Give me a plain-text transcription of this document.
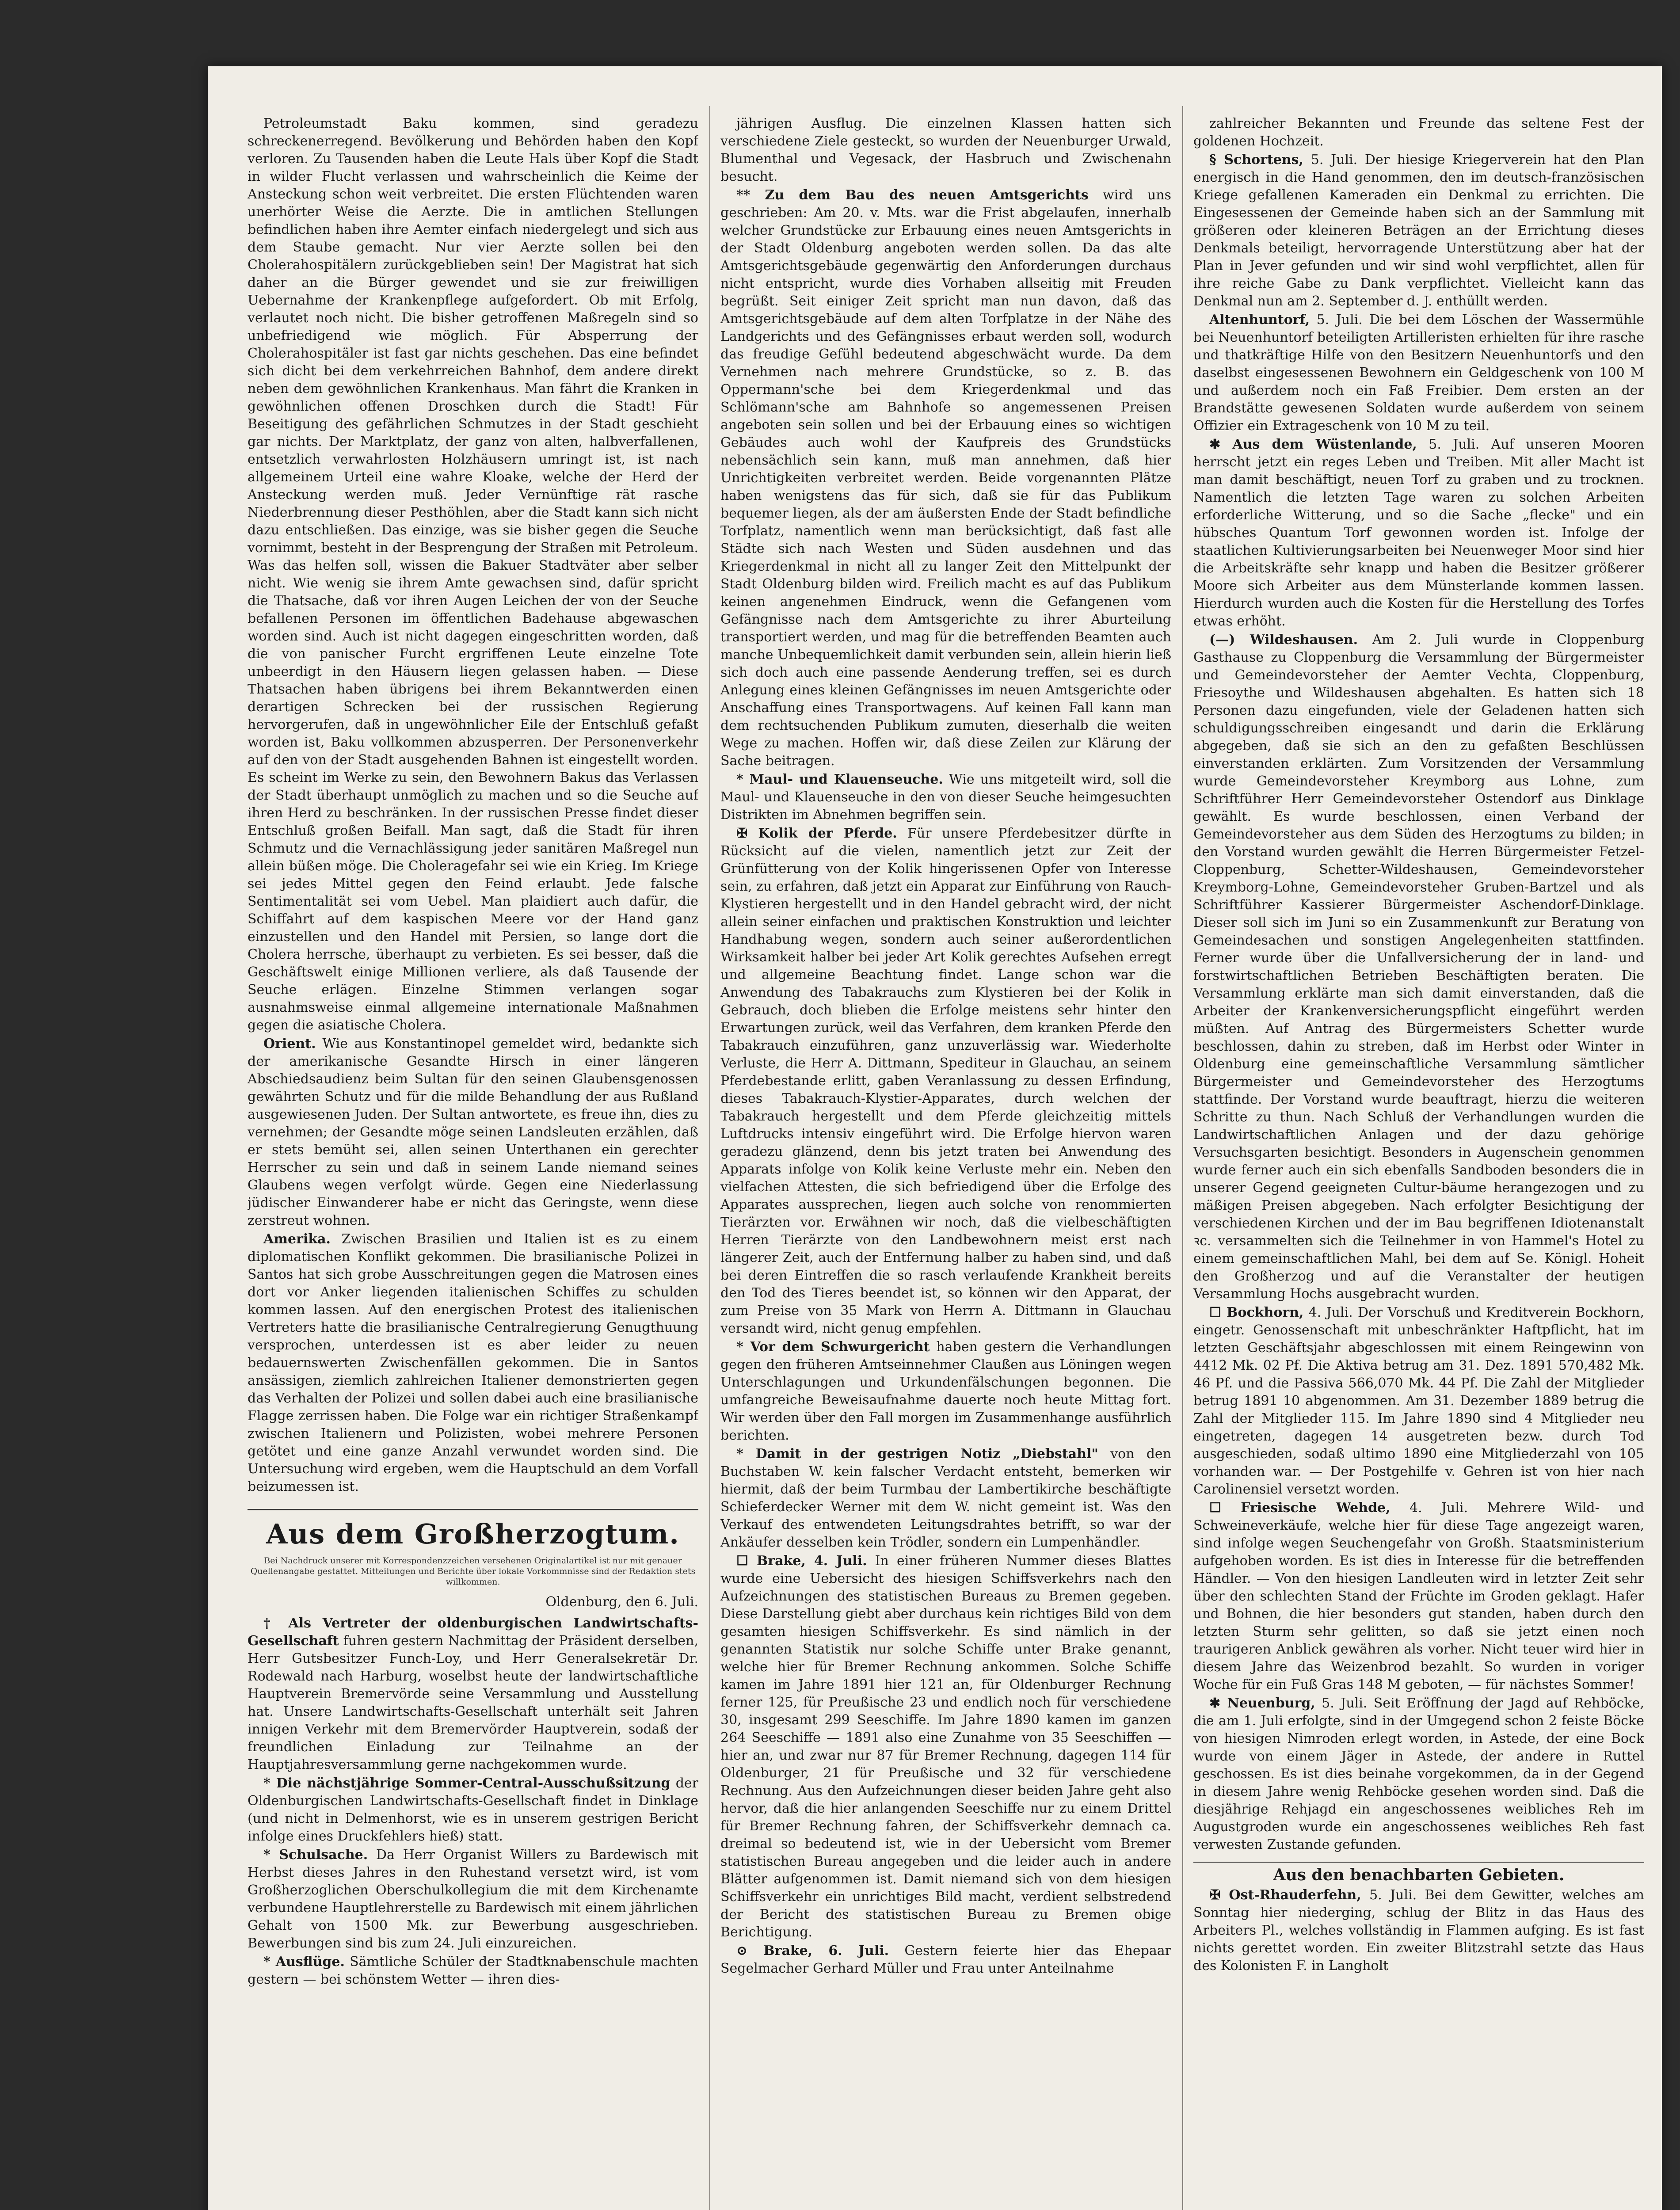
Petroleumstadt Baku kommen, sind geradezu schreckenerregend. Bevölkerung und Behörden haben den Kopf verloren. Zu Tausenden haben die Leute Hals über Kopf die Stadt in wilder Flucht verlassen und wahrscheinlich die Keime der Ansteckung schon weit verbreitet. Die ersten Flüchtenden waren unerhörter Weise die Aerzte. Die in amtlichen Stellungen befindlichen haben ihre Aemter einfach niedergelegt und sich aus dem Staube gemacht. Nur vier Aerzte sollen bei den Cholerahospitälern zurückgeblieben sein! Der Magistrat hat sich daher an die Bürger gewendet und sie zur freiwilligen Uebernahme der Krankenpflege aufgefordert. Ob mit Erfolg, verlautet noch nicht. Die bisher getroffenen Maßregeln sind so unbefriedigend wie möglich. Für Absperrung der Cholerahospitäler ist fast gar nichts geschehen. Das eine befindet sich dicht bei dem verkehrreichen Bahnhof, dem andere direkt neben dem gewöhnlichen Krankenhaus. Man fährt die Kranken in gewöhnlichen offenen Droschken durch die Stadt! Für Beseitigung des gefährlichen Schmutzes in der Stadt geschieht gar nichts. Der Marktplatz, der ganz von alten, halbverfallenen, entsetzlich verwahrlosten Holzhäusern umringt ist, ist nach allgemeinem Urteil eine wahre Kloake, welche der Herd der Ansteckung werden muß. Jeder Vernünftige rät rasche Niederbrennung dieser Pesthöhlen, aber die Stadt kann sich nicht dazu entschließen. Das einzige, was sie bisher gegen die Seuche vornimmt, besteht in der Besprengung der Straßen mit Petroleum. Was das helfen soll, wissen die Bakuer Stadtväter aber selber nicht. Wie wenig sie ihrem Amte gewachsen sind, dafür spricht die Thatsache, daß vor ihren Augen Leichen der von der Seuche befallenen Personen im öffentlichen Badehause abgewaschen worden sind. Auch ist nicht dagegen eingeschritten worden, daß die von panischer Furcht ergriffenen Leute einzelne Tote unbeerdigt in den Häusern liegen gelassen haben. — Diese Thatsachen haben übrigens bei ihrem Bekanntwerden einen derartigen Schrecken bei der russischen Regierung hervorgerufen, daß in ungewöhnlicher Eile der Entschluß gefaßt worden ist, Baku vollkommen abzusperren. Der Personenverkehr auf den von der Stadt ausgehenden Bahnen ist eingestellt worden. Es scheint im Werke zu sein, den Bewohnern Bakus das Verlassen der Stadt überhaupt unmöglich zu machen und so die Seuche auf ihren Herd zu beschränken. In der russischen Presse findet dieser Entschluß großen Beifall. Man sagt, daß die Stadt für ihren Schmutz und die Vernachlässigung jeder sanitären Maßregel nun allein büßen möge. Die Choleragefahr sei wie ein Krieg. Im Kriege sei jedes Mittel gegen den Feind erlaubt. Jede falsche Sentimentalität sei vom Uebel. Man plaidiert auch dafür, die Schiffahrt auf dem kaspischen Meere vor der Hand ganz einzustellen und den Handel mit Persien, so lange dort die Cholera herrsche, überhaupt zu verbieten. Es sei besser, daß die Geschäftswelt einige Millionen verliere, als daß Tausende der Seuche erlägen. Einzelne Stimmen verlangen sogar ausnahmsweise einmal allgemeine internationale Maßnahmen gegen die asiatische Cholera.

Orient. Wie aus Konstantinopel gemeldet wird, bedankte sich der amerikanische Gesandte Hirsch in einer längeren Abschiedsaudienz beim Sultan für den seinen Glaubensgenossen gewährten Schutz und für die milde Behandlung der aus Rußland ausgewiesenen Juden. Der Sultan antwortete, es freue ihn, dies zu vernehmen; der Gesandte möge seinen Landsleuten erzählen, daß er stets bemüht sei, allen seinen Unterthanen ein gerechter Herrscher zu sein und daß in seinem Lande niemand seines Glaubens wegen verfolgt würde. Gegen eine Niederlassung jüdischer Einwanderer habe er nicht das Geringste, wenn diese zerstreut wohnen.

Amerika. Zwischen Brasilien und Italien ist es zu einem diplomatischen Konflikt gekommen. Die brasilianische Polizei in Santos hat sich grobe Ausschreitungen gegen die Matrosen eines dort vor Anker liegenden italienischen Schiffes zu schulden kommen lassen. Auf den energischen Protest des italienischen Vertreters hatte die brasilianische Centralregierung Genugthuung versprochen, unterdessen ist es aber leider zu neuen bedauernswerten Zwischenfällen gekommen. Die in Santos ansässigen, ziemlich zahlreichen Italiener demonstrierten gegen das Verhalten der Polizei und sollen dabei auch eine brasilianische Flagge zerrissen haben. Die Folge war ein richtiger Straßenkampf zwischen Italienern und Polizisten, wobei mehrere Personen getötet und eine ganze Anzahl verwundet worden sind. Die Untersuchung wird ergeben, wem die Hauptschuld an dem Vorfall beizumessen ist.

Aus dem Großherzogtum.
Bei Nachdruck unserer mit Korrespondenzzeichen versehenen Originalartikel ist nur mit genauer Quellenangabe gestattet. Mitteilungen und Berichte über lokale Vorkommnisse sind der Redaktion stets willkommen.
Oldenburg, den 6. Juli.

† Als Vertreter der oldenburgischen Landwirtschafts-Gesellschaft fuhren gestern Nachmittag der Präsident derselben, Herr Gutsbesitzer Funch-Loy, und Herr Generalsekretär Dr. Rodewald nach Harburg, woselbst heute der landwirtschaftliche Hauptverein Bremervörde seine Versammlung und Ausstellung hat. Unsere Landwirtschafts-Gesellschaft unterhält seit Jahren innigen Verkehr mit dem Bremervörder Hauptverein, sodaß der freundlichen Einladung zur Teilnahme an der Hauptjahresversammlung gerne nachgekommen wurde.

* Die nächstjährige Sommer-Central-Ausschußsitzung der Oldenburgischen Landwirtschafts-Gesellschaft findet in Dinklage (und nicht in Delmenhorst, wie es in unserem gestrigen Bericht infolge eines Druckfehlers hieß) statt.

* Schulsache. Da Herr Organist Willers zu Bardewisch mit Herbst dieses Jahres in den Ruhestand versetzt wird, ist vom Großherzoglichen Oberschulkollegium die mit dem Kirchenamte verbundene Hauptlehrerstelle zu Bardewisch mit einem jährlichen Gehalt von 1500 Mk. zur Bewerbung ausgeschrieben. Bewerbungen sind bis zum 24. Juli einzureichen.

* Ausflüge. Sämtliche Schüler der Stadtknabenschule machten gestern — bei schönstem Wetter — ihren dies-

jährigen Ausflug. Die einzelnen Klassen hatten sich verschiedene Ziele gesteckt, so wurden der Neuenburger Urwald, Blumenthal und Vegesack, der Hasbruch und Zwischenahn besucht.

** Zu dem Bau des neuen Amtsgerichts wird uns geschrieben: Am 20. v. Mts. war die Frist abgelaufen, innerhalb welcher Grundstücke zur Erbauung eines neuen Amtsgerichts in der Stadt Oldenburg angeboten werden sollen. Da das alte Amtsgerichtsgebäude gegenwärtig den Anforderungen durchaus nicht entspricht, wurde dies Vorhaben allseitig mit Freuden begrüßt. Seit einiger Zeit spricht man nun davon, daß das Amtsgerichtsgebäude auf dem alten Torfplatze in der Nähe des Landgerichts und des Gefängnisses erbaut werden soll, wodurch das freudige Gefühl bedeutend abgeschwächt wurde. Da dem Vernehmen nach mehrere Grundstücke, so z. B. das Oppermann'sche bei dem Kriegerdenkmal und das Schlömann'sche am Bahnhofe so angemessenen Preisen angeboten sein sollen und bei der Erbauung eines so wichtigen Gebäudes auch wohl der Kaufpreis des Grundstücks nebensächlich sein kann, muß man annehmen, daß hier Unrichtigkeiten verbreitet werden. Beide vorgenannten Plätze haben wenigstens das für sich, daß sie für das Publikum bequemer liegen, als der am äußersten Ende der Stadt befindliche Torfplatz, namentlich wenn man berücksichtigt, daß fast alle Städte sich nach Westen und Süden ausdehnen und das Kriegerdenkmal in nicht all zu langer Zeit den Mittelpunkt der Stadt Oldenburg bilden wird. Freilich macht es auf das Publikum keinen angenehmen Eindruck, wenn die Gefangenen vom Gefängnisse nach dem Amtsgerichte zu ihrer Aburteilung transportiert werden, und mag für die betreffenden Beamten auch manche Unbequemlichkeit damit verbunden sein, allein hierin ließ sich doch auch eine passende Aenderung treffen, sei es durch Anlegung eines kleinen Gefängnisses im neuen Amtsgerichte oder Anschaffung eines Transportwagens. Auf keinen Fall kann man dem rechtsuchenden Publikum zumuten, dieserhalb die weiten Wege zu machen. Hoffen wir, daß diese Zeilen zur Klärung der Sache beitragen.

* Maul- und Klauenseuche. Wie uns mitgeteilt wird, soll die Maul- und Klauenseuche in den von dieser Seuche heimgesuchten Distrikten im Abnehmen begriffen sein.

✠ Kolik der Pferde. Für unsere Pferdebesitzer dürfte in Rücksicht auf die vielen, namentlich jetzt zur Zeit der Grünfütterung von der Kolik hingerissenen Opfer von Interesse sein, zu erfahren, daß jetzt ein Apparat zur Einführung von Rauch-Klystieren hergestellt und in den Handel gebracht wird, der nicht allein seiner einfachen und praktischen Konstruktion und leichter Handhabung wegen, sondern auch seiner außerordentlichen Wirksamkeit halber bei jeder Art Kolik gerechtes Aufsehen erregt und allgemeine Beachtung findet. Lange schon war die Anwendung des Tabakrauchs zum Klystieren bei der Kolik in Gebrauch, doch blieben die Erfolge meistens sehr hinter den Erwartungen zurück, weil das Verfahren, dem kranken Pferde den Tabakrauch einzuführen, ganz unzuverlässig war. Wiederholte Verluste, die Herr A. Dittmann, Spediteur in Glauchau, an seinem Pferdebestande erlitt, gaben Veranlassung zu dessen Erfindung, dieses Tabakrauch-Klystier-Apparates, durch welchen der Tabakrauch hergestellt und dem Pferde gleichzeitig mittels Luftdrucks intensiv eingeführt wird. Die Erfolge hiervon waren geradezu glänzend, denn bis jetzt traten bei Anwendung des Apparats infolge von Kolik keine Verluste mehr ein. Neben den vielfachen Attesten, die sich befriedigend über die Erfolge des Apparates aussprechen, liegen auch solche von renommierten Tierärzten vor. Erwähnen wir noch, daß die vielbeschäftigten Herren Tierärzte von den Landbewohnern meist erst nach längerer Zeit, auch der Entfernung halber zu haben sind, und daß bei deren Eintreffen die so rasch verlaufende Krankheit bereits den Tod des Tieres beendet ist, so können wir den Apparat, der zum Preise von 35 Mark von Herrn A. Dittmann in Glauchau versandt wird, nicht genug empfehlen.

* Vor dem Schwurgericht haben gestern die Verhandlungen gegen den früheren Amtseinnehmer Claußen aus Löningen wegen Unterschlagungen und Urkundenfälschungen begonnen. Die umfangreiche Beweisaufnahme dauerte noch heute Mittag fort. Wir werden über den Fall morgen im Zusammenhange ausführlich berichten.

* Damit in der gestrigen Notiz „Diebstahl" von den Buchstaben W. kein falscher Verdacht entsteht, bemerken wir hiermit, daß der beim Turmbau der Lambertikirche beschäftigte Schieferdecker Werner mit dem W. nicht gemeint ist. Was den Verkauf des entwendeten Leitungsdrahtes betrifft, so war der Ankäufer desselben kein Trödler, sondern ein Lumpenhändler.

☐ Brake, 4. Juli. In einer früheren Nummer dieses Blattes wurde eine Uebersicht des hiesigen Schiffsverkehrs nach den Aufzeichnungen des statistischen Bureaus zu Bremen gegeben. Diese Darstellung giebt aber durchaus kein richtiges Bild von dem gesamten hiesigen Schiffsverkehr. Es sind nämlich in der genannten Statistik nur solche Schiffe unter Brake genannt, welche hier für Bremer Rechnung ankommen. Solche Schiffe kamen im Jahre 1891 hier 121 an, für Oldenburger Rechnung ferner 125, für Preußische 23 und endlich noch für verschiedene 30, insgesamt 299 Seeschiffe. Im Jahre 1890 kamen im ganzen 264 Seeschiffe — 1891 also eine Zunahme von 35 Seeschiffen — hier an, und zwar nur 87 für Bremer Rechnung, dagegen 114 für Oldenburger, 21 für Preußische und 32 für verschiedene Rechnung. Aus den Aufzeichnungen dieser beiden Jahre geht also hervor, daß die hier anlangenden Seeschiffe nur zu einem Drittel für Bremer Rechnung fahren, der Schiffsverkehr demnach ca. dreimal so bedeutend ist, wie in der Uebersicht vom Bremer statistischen Bureau angegeben und die leider auch in andere Blätter aufgenommen ist. Damit niemand sich von dem hiesigen Schiffsverkehr ein unrichtiges Bild macht, verdient selbstredend der Bericht des statistischen Bureau zu Bremen obige Berichtigung.

⊙ Brake, 6. Juli. Gestern feierte hier das Ehepaar Segelmacher Gerhard Müller und Frau unter Anteilnahme

zahlreicher Bekannten und Freunde das seltene Fest der goldenen Hochzeit.

§ Schortens, 5. Juli. Der hiesige Kriegerverein hat den Plan energisch in die Hand genommen, den im deutsch-französischen Kriege gefallenen Kameraden ein Denkmal zu errichten. Die Eingesessenen der Gemeinde haben sich an der Sammlung mit größeren oder kleineren Beträgen an der Errichtung dieses Denkmals beteiligt, hervorragende Unterstützung aber hat der Plan in Jever gefunden und wir sind wohl verpflichtet, allen für ihre reiche Gabe zu Dank verpflichtet. Vielleicht kann das Denkmal nun am 2. September d. J. enthüllt werden.

Altenhuntorf, 5. Juli. Die bei dem Löschen der Wassermühle bei Neuenhuntorf beteiligten Artilleristen erhielten für ihre rasche und thatkräftige Hilfe von den Besitzern Neuenhuntorfs und den daselbst eingesessenen Bewohnern ein Geldgeschenk von 100 M und außerdem noch ein Faß Freibier. Dem ersten an der Brandstätte gewesenen Soldaten wurde außerdem von seinem Offizier ein Extrageschenk von 10 M zu teil.

✱ Aus dem Wüstenlande, 5. Juli. Auf unseren Mooren herrscht jetzt ein reges Leben und Treiben. Mit aller Macht ist man damit beschäftigt, neuen Torf zu graben und zu trocknen. Namentlich die letzten Tage waren zu solchen Arbeiten erforderliche Witterung, und so die Sache „flecke" und ein hübsches Quantum Torf gewonnen worden ist. Infolge der staatlichen Kultivierungsarbeiten bei Neuenweger Moor sind hier die Arbeitskräfte sehr knapp und haben die Besitzer größerer Moore sich Arbeiter aus dem Münsterlande kommen lassen. Hierdurch wurden auch die Kosten für die Herstellung des Torfes etwas erhöht.

(—) Wildeshausen. Am 2. Juli wurde in Cloppenburg Gasthause zu Cloppenburg die Versammlung der Bürgermeister und Gemeindevorsteher der Aemter Vechta, Cloppenburg, Friesoythe und Wildeshausen abgehalten. Es hatten sich 18 Personen dazu eingefunden, viele der Geladenen hatten sich schuldigungsschreiben eingesandt und darin die Erklärung abgegeben, daß sie sich an den zu gefaßten Beschlüssen einverstanden erklärten. Zum Vorsitzenden der Versammlung wurde Gemeindevorsteher Kreymborg aus Lohne, zum Schriftführer Herr Gemeindevorsteher Ostendorf aus Dinklage gewählt. Es wurde beschlossen, einen Verband der Gemeindevorsteher aus dem Süden des Herzogtums zu bilden; in den Vorstand wurden gewählt die Herren Bürgermeister Fetzel-Cloppenburg, Schetter-Wildeshausen, Gemeindevorsteher Kreymborg-Lohne, Gemeindevorsteher Gruben-Bartzel und als Schriftführer Kassierer Bürgermeister Aschendorf-Dinklage. Dieser soll sich im Juni so ein Zusammenkunft zur Beratung von Gemeindesachen und sonstigen Angelegenheiten stattfinden. Ferner wurde über die Unfallversicherung der in land- und forstwirtschaftlichen Betrieben Beschäftigten beraten. Die Versammlung erklärte man sich damit einverstanden, daß die Arbeiter der Krankenversicherungspflicht eingeführt werden müßten. Auf Antrag des Bürgermeisters Schetter wurde beschlossen, dahin zu streben, daß im Herbst oder Winter in Oldenburg eine gemeinschaftliche Versammlung sämtlicher Bürgermeister und Gemeindevorsteher des Herzogtums stattfinde. Der Vorstand wurde beauftragt, hierzu die weiteren Schritte zu thun. Nach Schluß der Verhandlungen wurden die Landwirtschaftlichen Anlagen und der dazu gehörige Versuchsgarten besichtigt. Besonders in Augenschein genommen wurde ferner auch ein sich ebenfalls Sandboden besonders die in unserer Gegend geeigneten Cultur-bäume herangezogen und zu mäßigen Preisen abgegeben. Nach erfolgter Besichtigung der verschiedenen Kirchen und der im Bau begriffenen Idiotenanstalt ꝛc. versammelten sich die Teilnehmer in von Hammel's Hotel zu einem gemeinschaftlichen Mahl, bei dem auf Se. Königl. Hoheit den Großherzog und auf die Veranstalter der heutigen Versammlung Hochs ausgebracht wurden.

☐ Bockhorn, 4. Juli. Der Vorschuß und Kreditverein Bockhorn, eingetr. Genossenschaft mit unbeschränkter Haftpflicht, hat im letzten Geschäftsjahr abgeschlossen mit einem Reingewinn von 4412 Mk. 02 Pf. Die Aktiva betrug am 31. Dez. 1891 570,482 Mk. 46 Pf. und die Passiva 566,070 Mk. 44 Pf. Die Zahl der Mitglieder betrug 1891 10 abgenommen. Am 31. Dezember 1889 betrug die Zahl der Mitglieder 115. Im Jahre 1890 sind 4 Mitglieder neu eingetreten, dagegen 14 ausgetreten bezw. durch Tod ausgeschieden, sodaß ultimo 1890 eine Mitgliederzahl von 105 vorhanden war. — Der Postgehilfe v. Gehren ist von hier nach Carolinensiel versetzt worden.

☐ Friesische Wehde, 4. Juli. Mehrere Wild- und Schweineverkäufe, welche hier für diese Tage angezeigt waren, sind infolge wegen Seuchengefahr von Großh. Staatsministerium aufgehoben worden. Es ist dies in Interesse für die betreffenden Händler. — Von den hiesigen Landleuten wird in letzter Zeit sehr über den schlechten Stand der Früchte im Groden geklagt. Hafer und Bohnen, die hier besonders gut standen, haben durch den letzten Sturm sehr gelitten, so daß sie jetzt einen noch traurigeren Anblick gewähren als vorher. Nicht teuer wird hier in diesem Jahre das Weizenbrod bezahlt. So wurden in voriger Woche für ein Fuß Gras 148 M geboten, — für nächstes Sommer!

✱ Neuenburg, 5. Juli. Seit Eröffnung der Jagd auf Rehböcke, die am 1. Juli erfolgte, sind in der Umgegend schon 2 feiste Böcke von hiesigen Nimroden erlegt worden, in Astede, der eine Bock wurde von einem Jäger in Astede, der andere in Ruttel geschossen. Es ist dies beinahe vorgekommen, da in der Gegend in diesem Jahre wenig Rehböcke gesehen worden sind. Daß die diesjährige Rehjagd ein angeschossenes weibliches Reh im Augustgroden wurde ein angeschossenes weibliches Reh fast verwesten Zustande gefunden.

Aus den benachbarten Gebieten.

✠ Ost-Rhauderfehn, 5. Juli. Bei dem Gewitter, welches am Sonntag hier niederging, schlug der Blitz in das Haus des Arbeiters Pl., welches vollständig in Flammen aufging. Es ist fast nichts gerettet worden. Ein zweiter Blitzstrahl setzte das Haus des Kolonisten F. in Langholt
